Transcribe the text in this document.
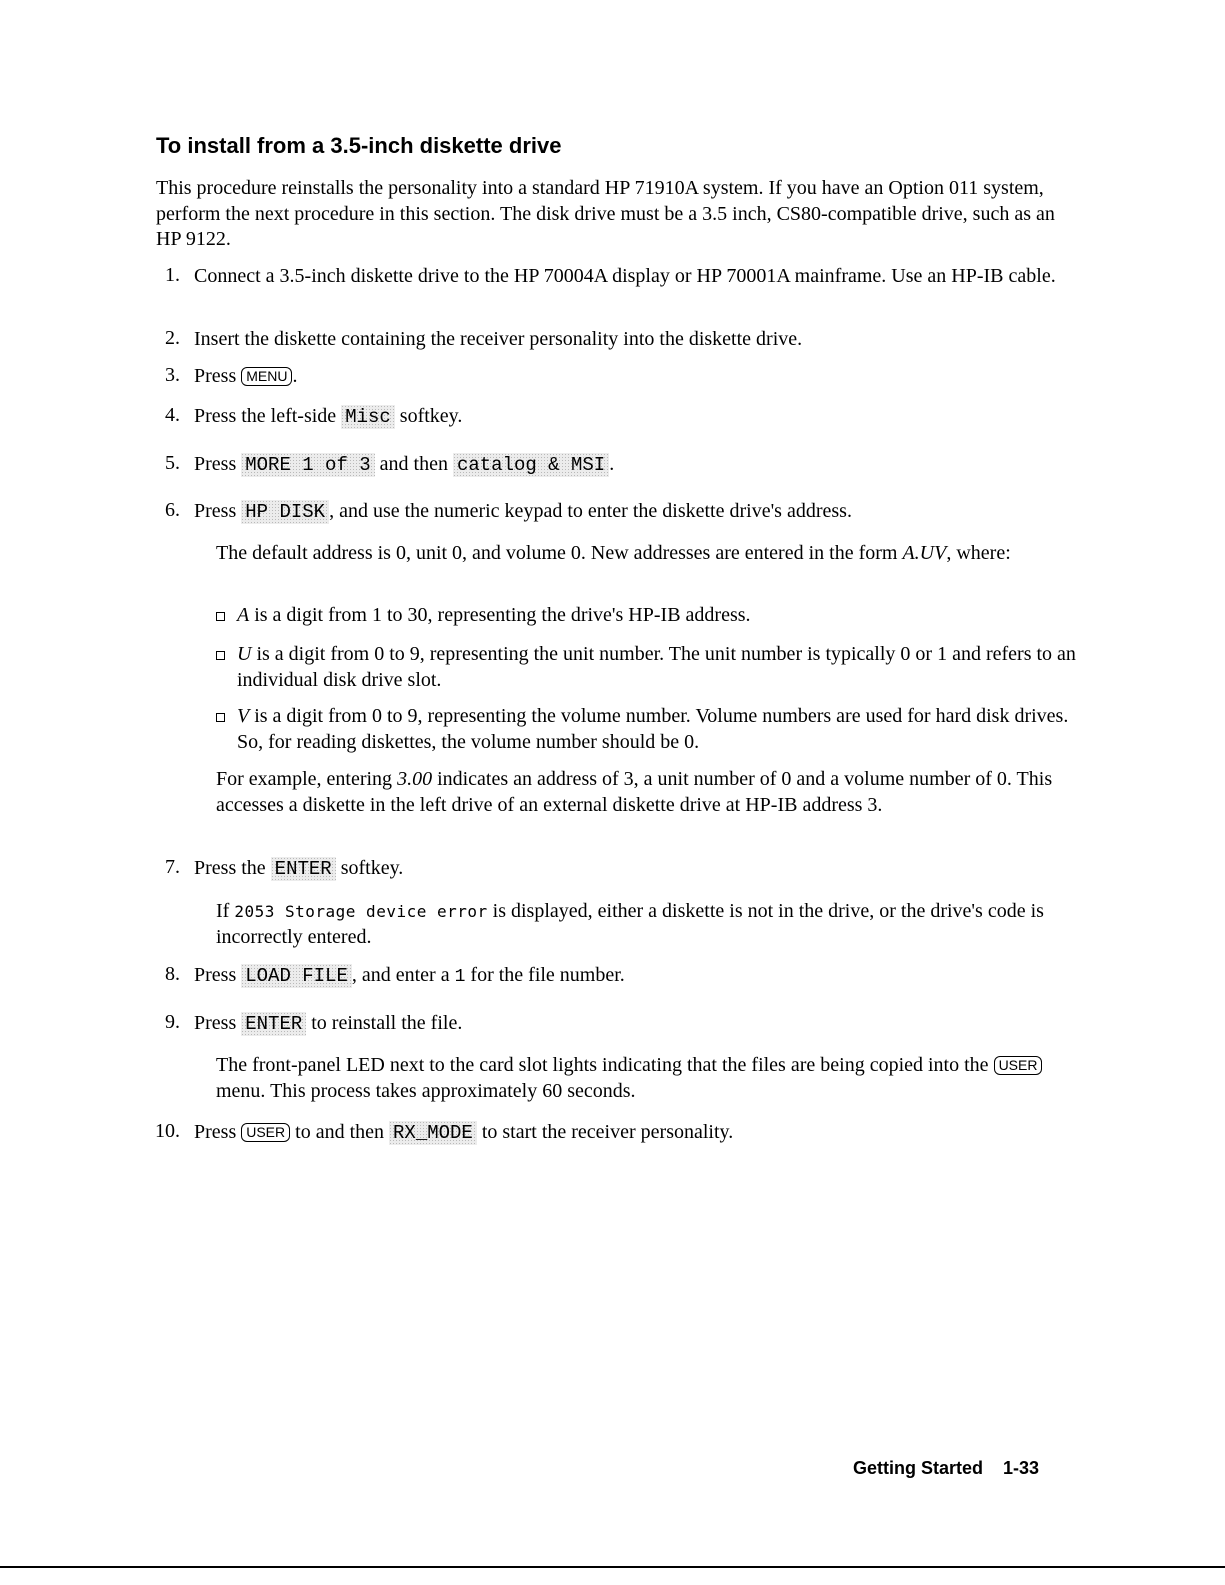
To install from a 3.5-inch diskette drive

This procedure reinstalls the personality into a standard HP 71910A system. If you have an Option 011 system, perform the next procedure in this section. The disk drive must be a 3.5 inch, CS80-compatible drive, such as an HP 9122.

1. Connect a 3.5-inch diskette drive to the HP 70004A display or HP 70001A mainframe. Use an HP-IB cable.
2. Insert the diskette containing the receiver personality into the diskette drive.
3. Press MENU .
4. Press the left-side Misc softkey.
5. Press MORE 1 of 3 and then catalog & MSI .
6. Press HP DISK , and use the numeric keypad to enter the diskette drive's address.

The default address is 0, unit 0, and volume 0. New addresses are entered in the form A.UV, where:

A is a digit from 1 to 30, representing the drive's HP-IB address.
U is a digit from 0 to 9, representing the unit number. The unit number is typically 0 or 1 and refers to an individual disk drive slot.
V is a digit from 0 to 9, representing the volume number. Volume numbers are used for hard disk drives. So, for reading diskettes, the volume number should be 0.

For example, entering 3.00 indicates an address of 3, a unit number of 0 and a volume number of 0. This accesses a diskette in the left drive of an external diskette drive at HP-IB address 3.

7. Press the ENTER softkey.

If 2053 Storage device error is displayed, either a diskette is not in the drive, or the drive's code is incorrectly entered.

8. Press LOAD FILE , and enter a 1 for the file number.
9. Press ENTER to reinstall the file.

The front-panel LED next to the card slot lights indicating that the files are being copied into the USER menu. This process takes approximately 60 seconds.

10. Press USER to and then RX_MODE to start the receiver personality.
Getting Started 1-33
